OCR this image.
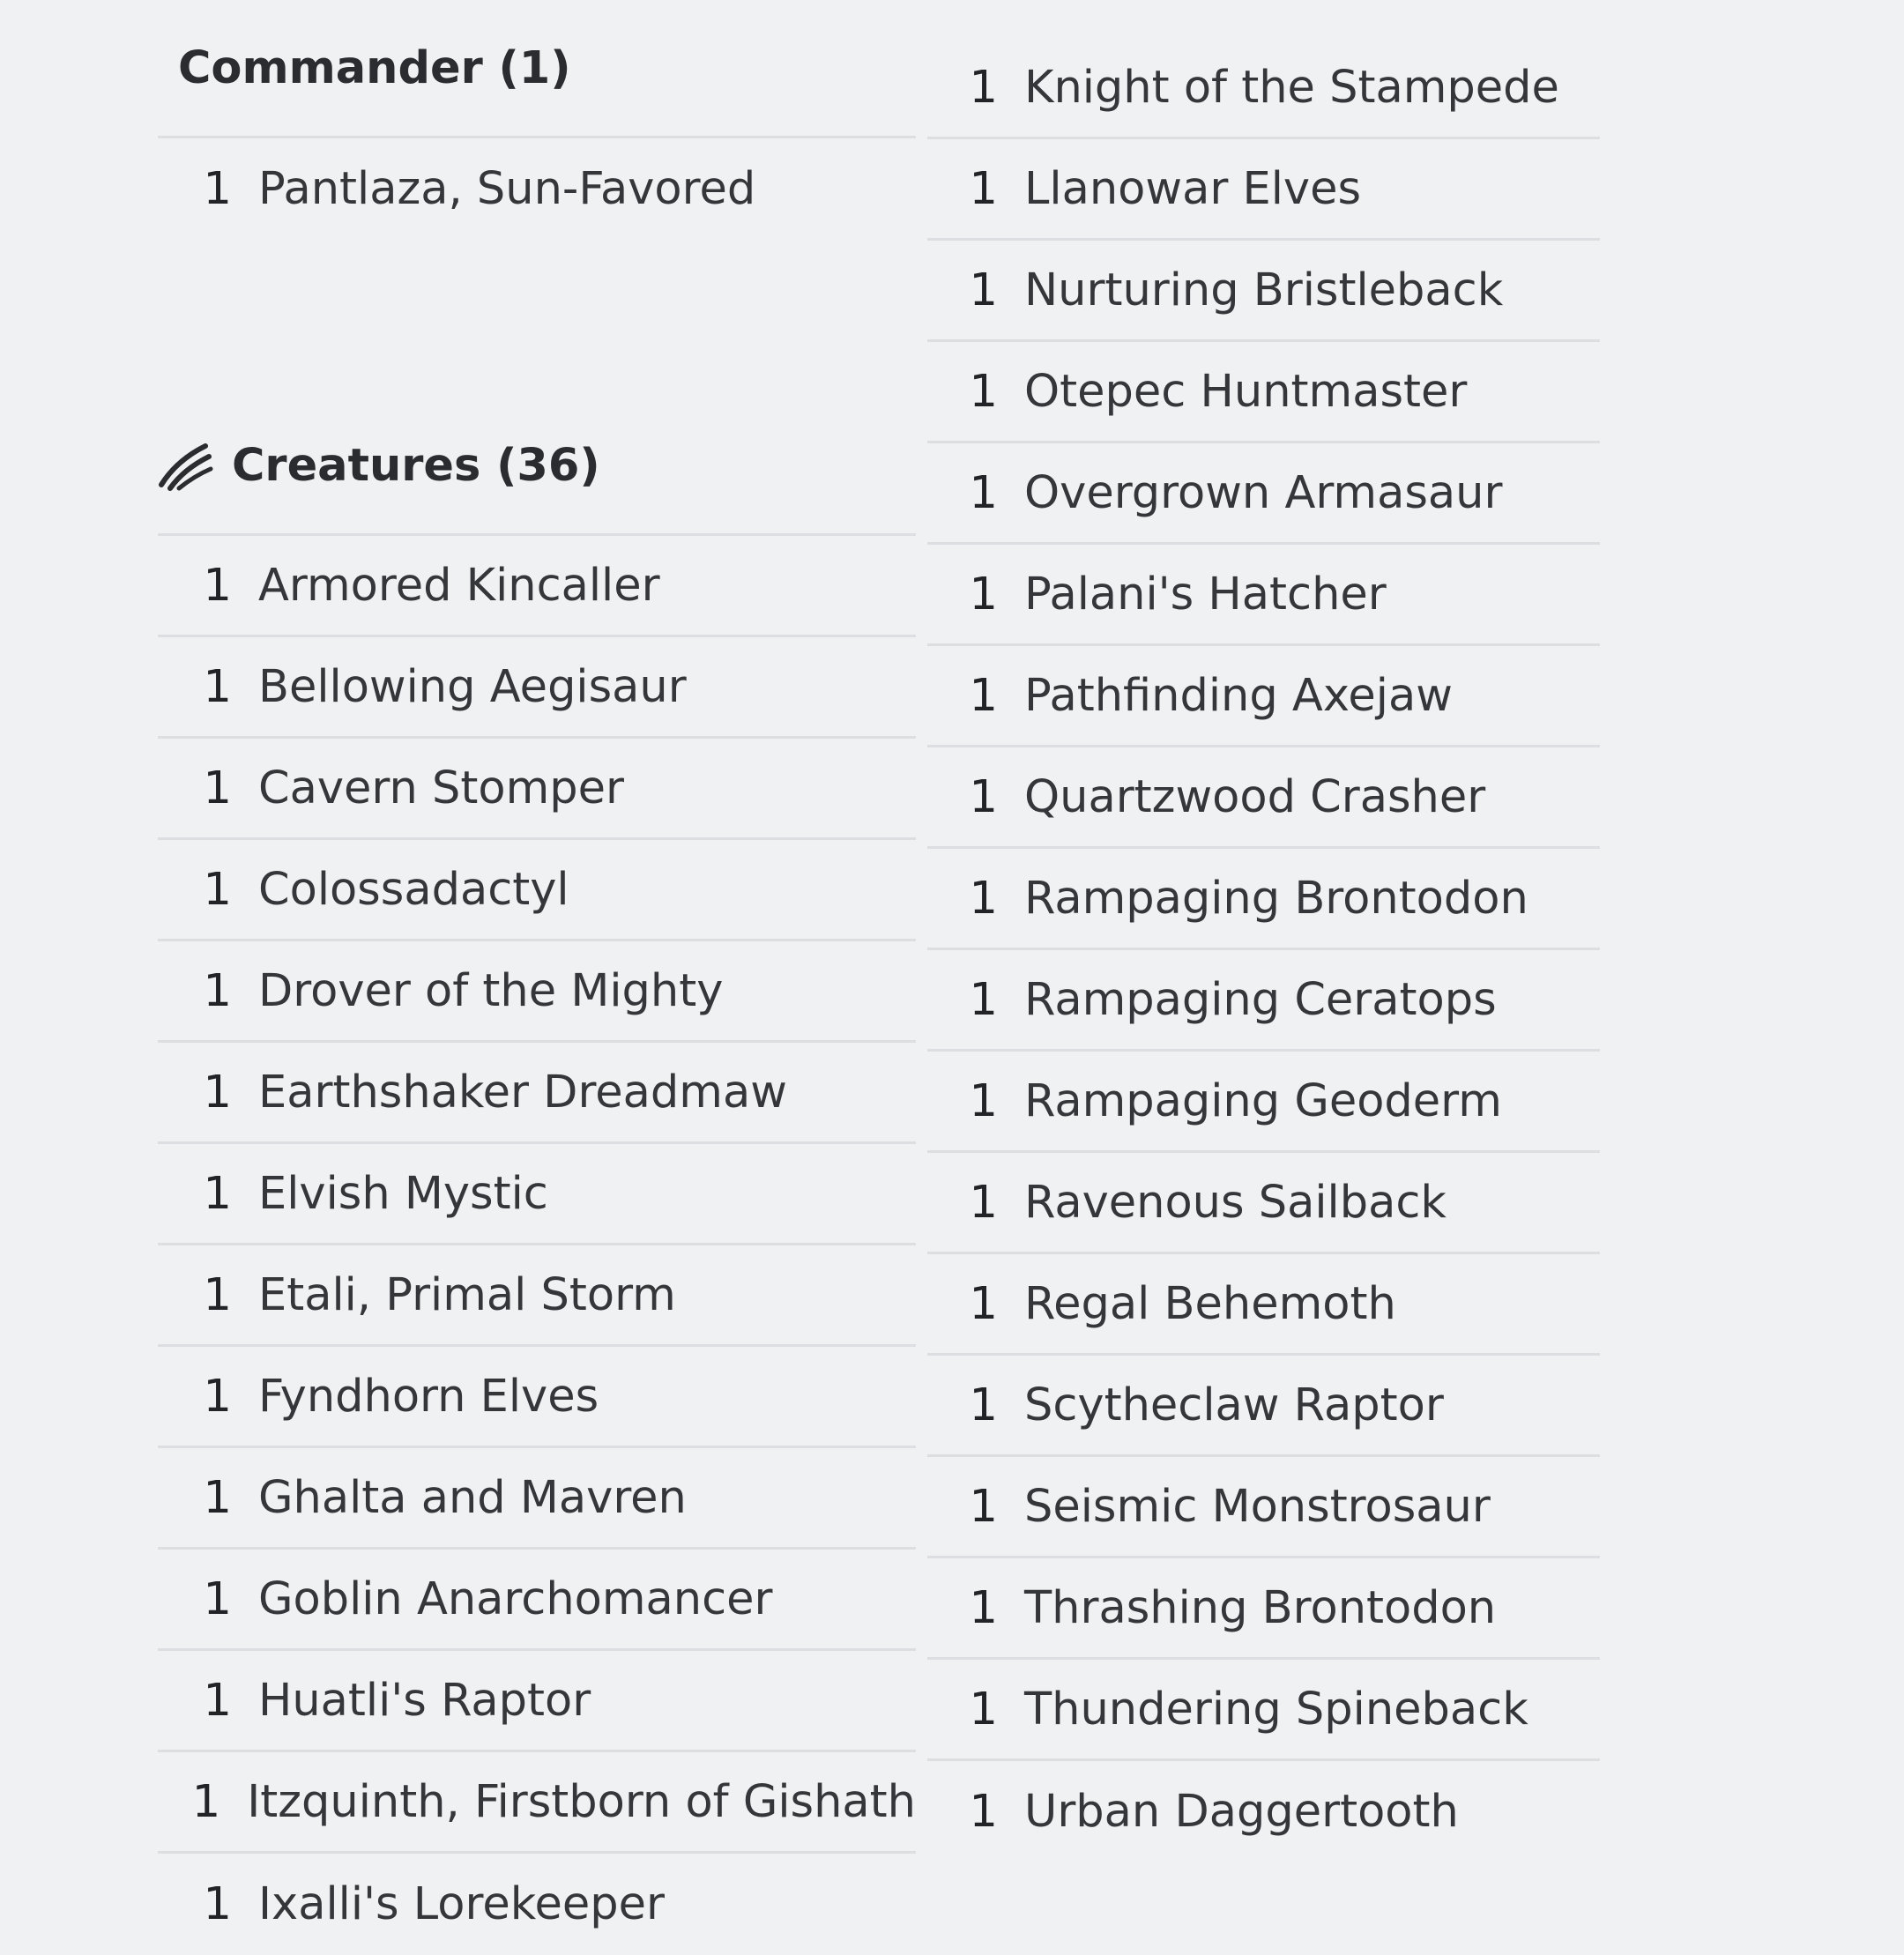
Commander (1)
1 Pantlaza, Sun-Favored
Creatures (36)
1 Armored Kincaller
1 Bellowing Aegisaur
1 Cavern Stomper
1 Colossadactyl
1 Drover of the Mighty
1 Earthshaker Dreadmaw
1 Elvish Mystic
1 Etali, Primal Storm
1 Fyndhorn Elves
1 Ghalta and Mavren
1 Goblin Anarchomancer
1 Huatli's Raptor
1 Itzquinth, Firstborn of Gishath
1 Ixalli's Lorekeeper
1 Knight of the Stampede
1 Llanowar Elves
1 Nurturing Bristleback
1 Otepec Huntmaster
1 Overgrown Armasaur
1 Palani's Hatcher
1 Pathfinding Axejaw
1 Quartzwood Crasher
1 Rampaging Brontodon
1 Rampaging Ceratops
1 Rampaging Geoderm
1 Ravenous Sailback
1 Regal Behemoth
1 Scytheclaw Raptor
1 Seismic Monstrosaur
1 Thrashing Brontodon
1 Thundering Spineback
1 Urban Daggertooth
